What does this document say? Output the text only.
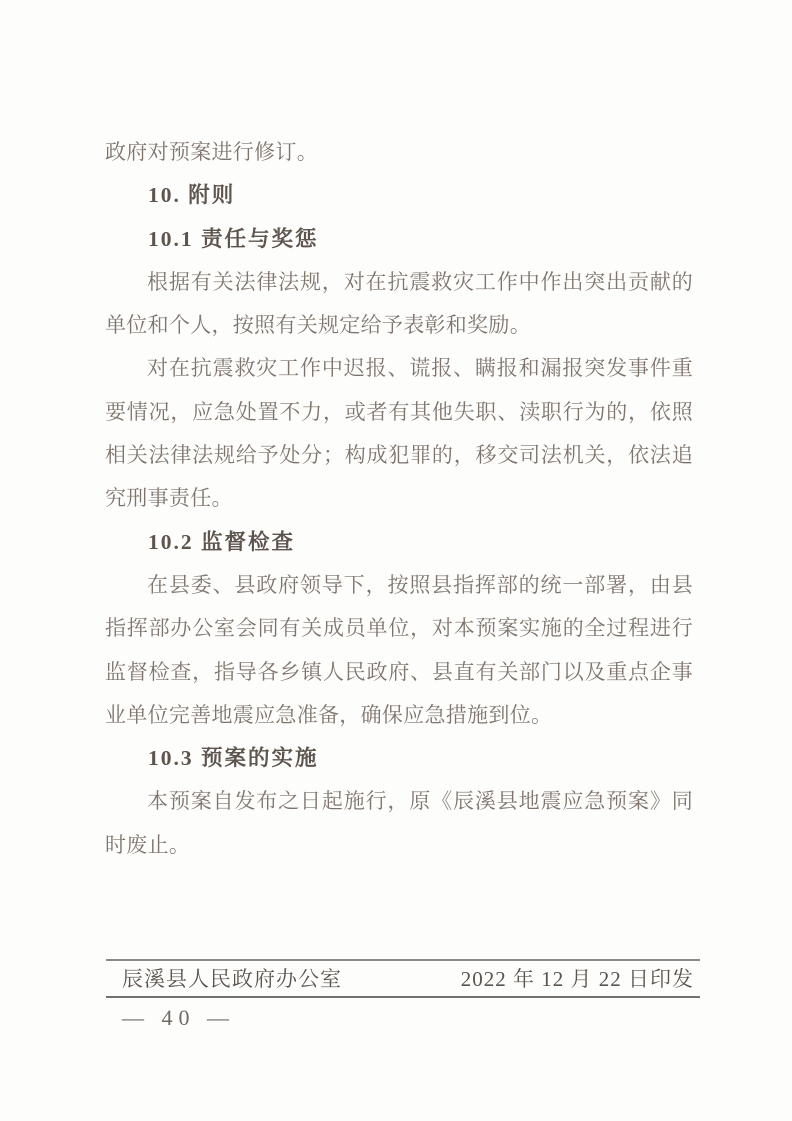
政府对预案进行修订。

10. 附则
10.1 责任与奖惩

根据有关法律法规，对在抗震救灾工作中作出突出贡献的单位和个人，按照有关规定给予表彰和奖励。

对在抗震救灾工作中迟报、谎报、瞒报和漏报突发事件重要情况，应急处置不力，或者有其他失职、渎职行为的，依照相关法律法规给予处分；构成犯罪的，移交司法机关，依法追究刑事责任。

10.2 监督检查

在县委、县政府领导下，按照县指挥部的统一部署，由县指挥部办公室会同有关成员单位，对本预案实施的全过程进行监督检查，指导各乡镇人民政府、县直有关部门以及重点企事业单位完善地震应急准备，确保应急措施到位。

10.3 预案的实施

本预案自发布之日起施行，原《辰溪县地震应急预案》同时废止。

辰溪县人民政府办公室	2022 年 12 月 22 日印发
— 40 —
